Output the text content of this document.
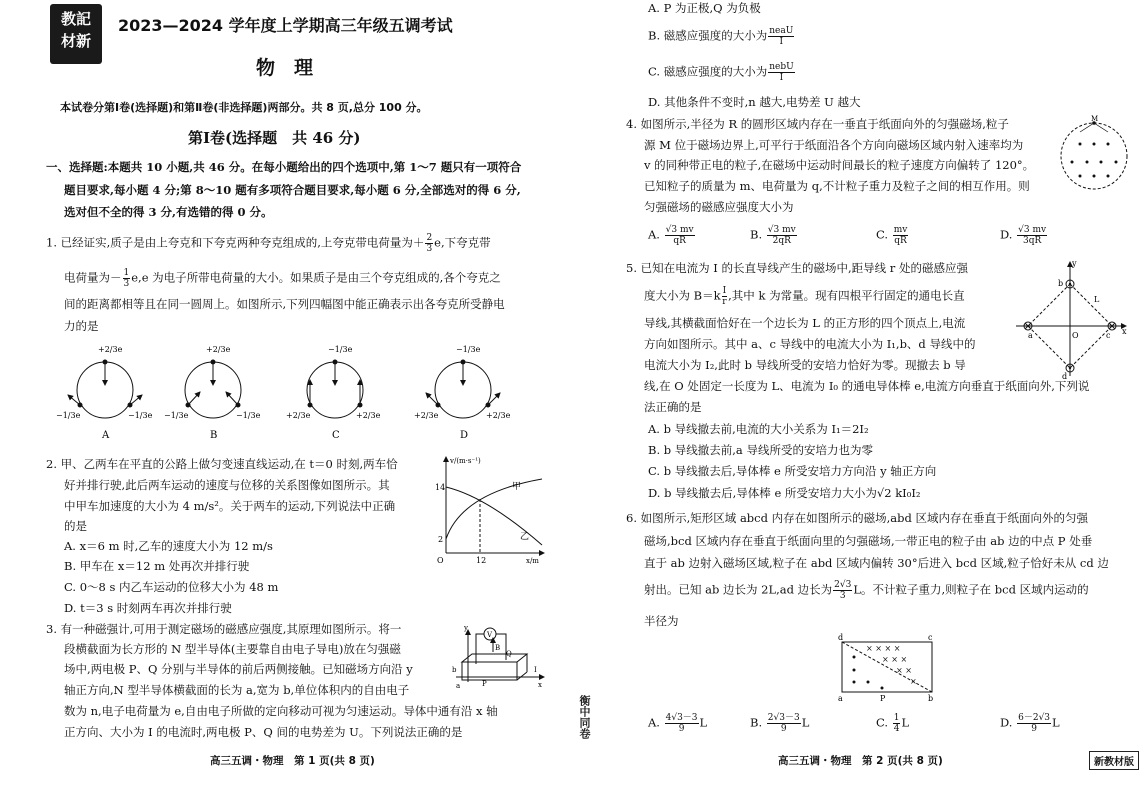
教記材新
2023—2024 学年度上学期高三年级五调考试
物　理
本试卷分第Ⅰ卷(选择题)和第Ⅱ卷(非选择题)两部分。共 8 页,总分 100 分。
第Ⅰ卷(选择题　共 46 分)
一、选择题:本题共 10 小题,共 46 分。在每小题给出的四个选项中,第 1～7 题只有一项符合
题目要求,每小题 4 分;第 8～10 题有多项符合题目要求,每小题 6 分,全部选对的得 6 分,
选对但不全的得 3 分,有选错的得 0 分。
1. 已经证实,质子是由上夸克和下夸克两种夸克组成的,上夸克带电荷量为＋ $\frac{2}{3} e$,下夸克带
电荷量为－ $\frac{1}{3} e,e$ 为电子所带电荷量的大小。如果质子是由三个夸克组成的,各个夸克之
间的距离都相等且在同一圆周上。如图所示,下列四幅图中能正确表示出各夸克所受静电
力的是
+2/3e
−1/3e	−1/3e
A
+2/3e
−1/3e	−1/3e
B
−1/3e
+2/3e	+2/3e
C
−1/3e
+2/3e	+2/3e
D
2. 甲、乙两车在平直的公路上做匀变速直线运动,在 t＝0 时刻,两车恰
好并排行驶,此后两车运动的速度与位移的关系图像如图所示。其
中甲车加速度的大小为 4 m/s²。关于两车的运动,下列说法中正确
的是
A. x＝6 m 时,乙车的速度大小为 12 m/s
B. 甲车在 x＝12 m 处再次并排行驶
C. 0～8 s 内乙车运动的位移大小为 48 m
D. t＝3 s 时刻两车再次并排行驶
v/(m·s⁻¹)
x/m
14
2
12
O
甲
乙
3. 有一种磁强计,可用于测定磁场的磁感应强度,其原理如图所示。将一
段横截面为长方形的 N 型半导体(主要靠自由电子导电)放在匀强磁
场中,两电极 P、Q 分别与半导体的前后两侧接触。已知磁场方向沿 y
轴正方向,N 型半导体横截面的长为 a,宽为 b,单位体积内的自由电子
数为 n,电子电荷量为 e,自由电子所做的定向移动可视为匀速运动。导体中通有沿 x 轴
正方向、大小为 I 的电流时,两电极 P、Q 间的电势差为 U。下列说法正确的是
V
y
x
B
Q
P
I
b
a
高三五调・物理　第 1 页(共 8 页)
衡中同卷
A. P 为正极,Q 为负极
B. 磁感应强度的大小为 $\frac{\text{neaU}}{I}$
C. 磁感应强度的大小为 $\frac{\text{nebU}}{I}$
D. 其他条件不变时,n 越大,电势差 U 越大
4. 如图所示,半径为 R 的圆形区域内存在一垂直于纸面向外的匀强磁场,粒子
源 M 位于磁场边界上,可平行于纸面沿各个方向向磁场区域内射入速率均为
v 的同种带正电的粒子,在磁场中运动时间最长的粒子速度方向偏转了 120°。
已知粒子的质量为 m、电荷量为 q,不计粒子重力及粒子之间的相互作用。则
匀强磁场的磁感应强度大小为
A. $\frac{√3 mv}{qR}$	B. $\frac{√3 mv}{2qR}$	C. $\frac{mv}{qR}$	D. $\frac{√3 mv}{3qR}$
M
5. 已知在电流为 I 的长直导线产生的磁场中,距导线 r 处的磁感应强
度大小为 $B=k \frac{I}{r}$ ,其中 k 为常量。现有四根平行固定的通电长直
导线,其横截面恰好在一个边长为 L 的正方形的四个顶点上,电流
方向如图所示。其中 a、c 导线中的电流大小为 I₁,b、d 导线中的
电流大小为 I₂,此时 b 导线所受的安培力恰好为零。现撤去 b 导
线,在 O 处固定一长度为 L、电流为 I₀ 的通电导体棒 e,电流方向垂直于纸面向外,下列说
法正确的是
A. b 导线撤去前,电流的大小关系为 I₁＝2I₂
B. b 导线撤去前,a 导线所受的安培力也为零
C. b 导线撤去后,导体棒 e 所受安培力方向沿 y 轴正方向
D. b 导线撤去后,导体棒 e 所受安培力大小为√2 kI₀I₂
y
x
b
a	c
d
O
L
6. 如图所示,矩形区域 abcd 内存在如图所示的磁场,abd 区域内存在垂直于纸面向外的匀强
磁场,bcd 区域内存在垂直于纸面向里的匀强磁场,一带正电的粒子由 ab 边的中点 P 处垂
直于 ab 边射入磁场区域,粒子在 abd 区域内偏转 30°后进入 bcd 区域,粒子恰好未从 cd 边
射出。已知 ab 边长为 2L,ad 边长为 $\frac{2√3}{3}$ L。不计粒子重力,则粒子在 bcd 区域内运动的
半径为
× × × ×
× × ×
× ×
×
d	c
a	b
P
A. $\frac{4√3-3}{9}$ L	B. $\frac{2√3-3}{9}$ L	C. $\frac{1}{4}$ L	D. $\frac{6-2√3}{9}$ L
高三五调・物理　第 2 页(共 8 页)	新教材版
